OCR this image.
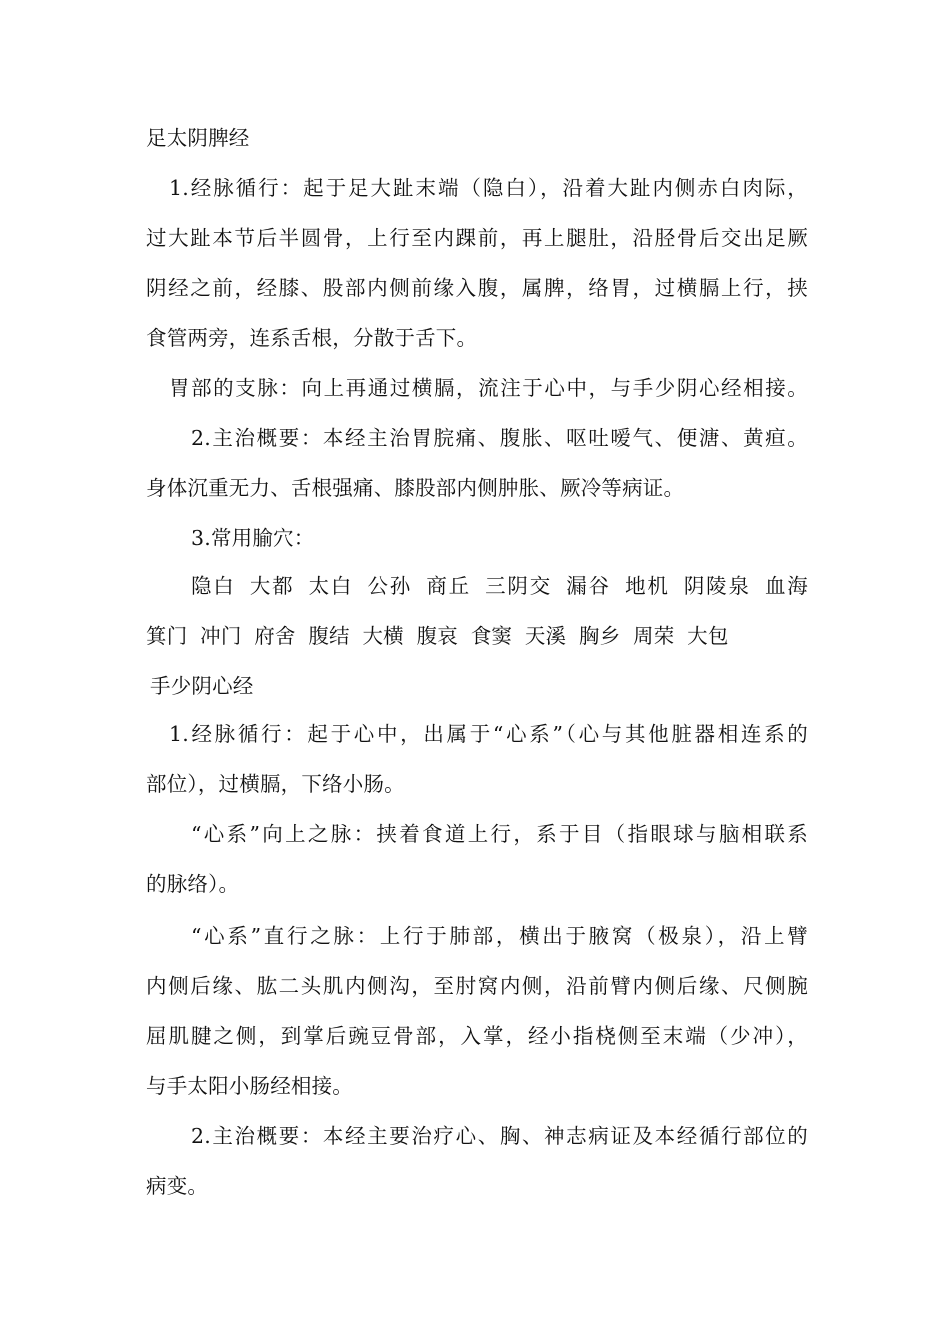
足太阴脾经
1.经脉循行：起于足大趾末端（隐白），沿着大趾内侧赤白肉际，
过大趾本节后半圆骨，上行至内踝前，再上腿肚，沿胫骨后交出足厥
阴经之前，经膝、股部内侧前缘入腹，属脾，络胃，过横膈上行，挟
食管两旁，连系舌根，分散于舌下。
胃部的支脉：向上再通过横膈，流注于心中，与手少阴心经相接。
2.主治概要：本经主治胃脘痛、腹胀、呕吐嗳气、便溏、黄疸。
身体沉重无力、舌根强痛、膝股部内侧肿胀、厥冷等病证。
3.常用腧穴：
隐白 大都 太白 公孙 商丘 三阴交 漏谷 地机 阴陵泉 血海
箕门 冲门 府舍 腹结 大横 腹哀 食窦 天溪 胸乡 周荣 大包
手少阴心经
1.经脉循行：起于心中，出属于“心系”（心与其他脏器相连系的
部位），过横膈，下络小肠。
“心系”向上之脉：挟着食道上行，系于目（指眼球与脑相联系
的脉络）。
“心系”直行之脉：上行于肺部，横出于腋窝（极泉），沿上臂
内侧后缘、肱二头肌内侧沟，至肘窝内侧，沿前臂内侧后缘、尺侧腕
屈肌腱之侧，到掌后豌豆骨部，入掌，经小指桡侧至末端（少冲），
与手太阳小肠经相接。
2.主治概要：本经主要治疗心、胸、神志病证及本经循行部位的
病变。
